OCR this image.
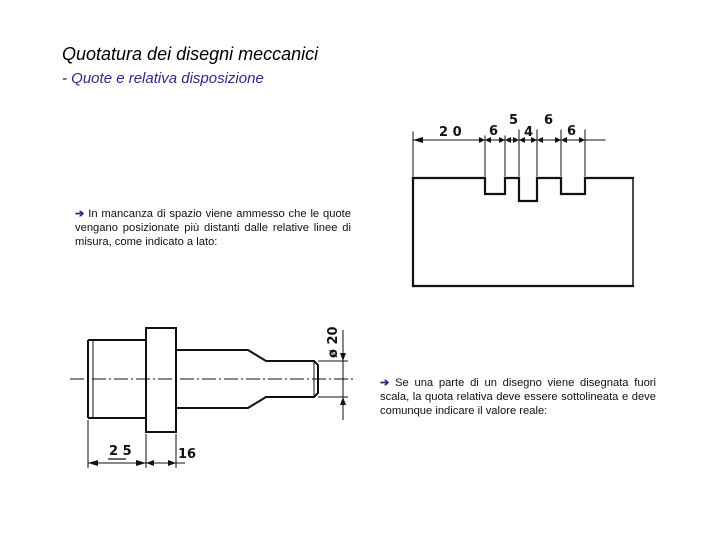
Quotatura dei disegni meccanici
- Quote e relativa disposizione
➔ In mancanza di spazio viene ammesso che le quote vengano posizionate più distanti dalle relative linee di misura, come indicato a lato:
➔ Se una parte di un disegno viene disegnata fuori scala, la quota relativa deve essere sottolineata e deve comunque indicare il valore reale:
2 0 6
5
4
6
6
2 5	16
ø 20
